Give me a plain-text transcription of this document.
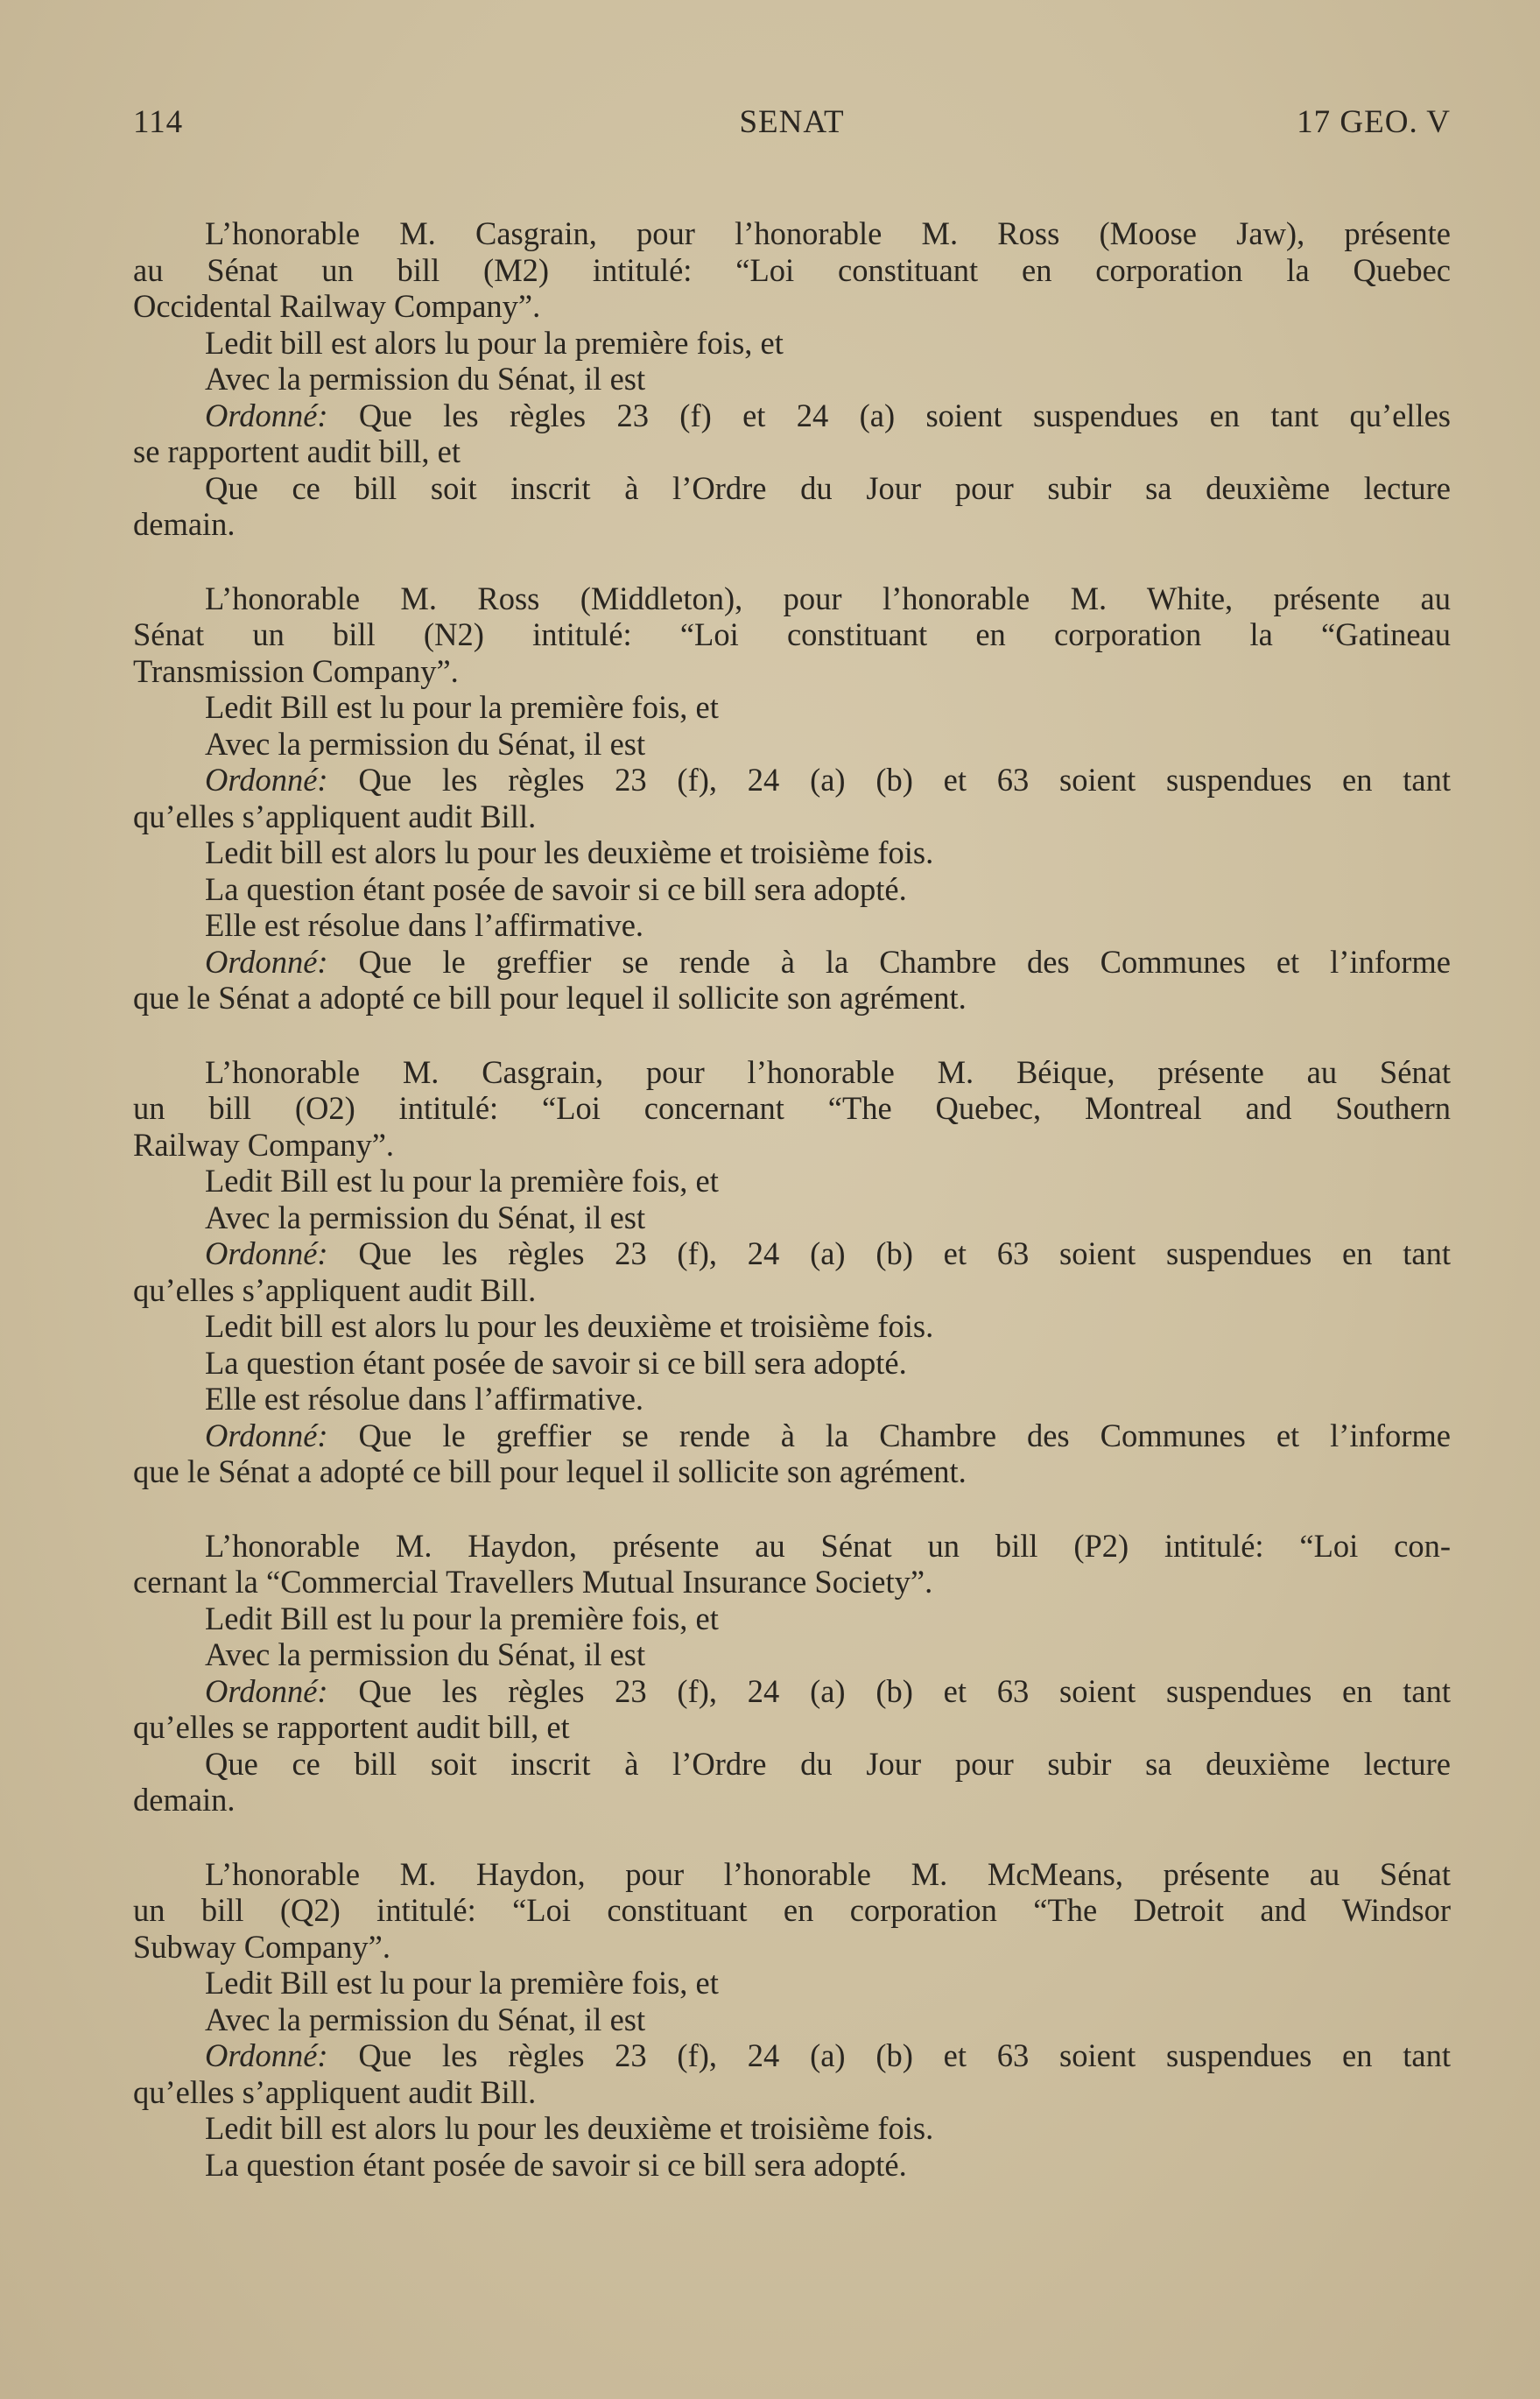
114	SENAT	17 GEO. V
L’honorable M. Casgrain, pour l’honorable M. Ross (Moose Jaw), présente
au Sénat un bill (M2) intitulé: “Loi constituant en corporation la Quebec
Occidental Railway Company”.
Ledit bill est alors lu pour la première fois, et
Avec la permission du Sénat, il est
Ordonné: Que les règles 23 (f) et 24 (a) soient suspendues en tant qu’elles
se rapportent audit bill, et
Que ce bill soit inscrit à l’Ordre du Jour pour subir sa deuxième lecture
demain.
L’honorable M. Ross (Middleton), pour l’honorable M. White, présente au
Sénat un bill (N2) intitulé: “Loi constituant en corporation la “Gatineau
Transmission Company”.
Ledit Bill est lu pour la première fois, et
Avec la permission du Sénat, il est
Ordonné: Que les règles 23 (f), 24 (a) (b) et 63 soient suspendues en tant
qu’elles s’appliquent audit Bill.
Ledit bill est alors lu pour les deuxième et troisième fois.
La question étant posée de savoir si ce bill sera adopté.
Elle est résolue dans l’affirmative.
Ordonné: Que le greffier se rende à la Chambre des Communes et l’informe
que le Sénat a adopté ce bill pour lequel il sollicite son agrément.
L’honorable M. Casgrain, pour l’honorable M. Béique, présente au Sénat
un bill (O2) intitulé: “Loi concernant “The Quebec, Montreal and Southern
Railway Company”.
Ledit Bill est lu pour la première fois, et
Avec la permission du Sénat, il est
Ordonné: Que les règles 23 (f), 24 (a) (b) et 63 soient suspendues en tant
qu’elles s’appliquent audit Bill.
Ledit bill est alors lu pour les deuxième et troisième fois.
La question étant posée de savoir si ce bill sera adopté.
Elle est résolue dans l’affirmative.
Ordonné: Que le greffier se rende à la Chambre des Communes et l’informe
que le Sénat a adopté ce bill pour lequel il sollicite son agrément.
L’honorable M. Haydon, présente au Sénat un bill (P2) intitulé: “Loi con-
cernant la “Commercial Travellers Mutual Insurance Society”.
Ledit Bill est lu pour la première fois, et
Avec la permission du Sénat, il est
Ordonné: Que les règles 23 (f), 24 (a) (b) et 63 soient suspendues en tant
qu’elles se rapportent audit bill, et
Que ce bill soit inscrit à l’Ordre du Jour pour subir sa deuxième lecture
demain.
L’honorable M. Haydon, pour l’honorable M. McMeans, présente au Sénat
un bill (Q2) intitulé: “Loi constituant en corporation “The Detroit and Windsor
Subway Company”.
Ledit Bill est lu pour la première fois, et
Avec la permission du Sénat, il est
Ordonné: Que les règles 23 (f), 24 (a) (b) et 63 soient suspendues en tant
qu’elles s’appliquent audit Bill.
Ledit bill est alors lu pour les deuxième et troisième fois.
La question étant posée de savoir si ce bill sera adopté.
